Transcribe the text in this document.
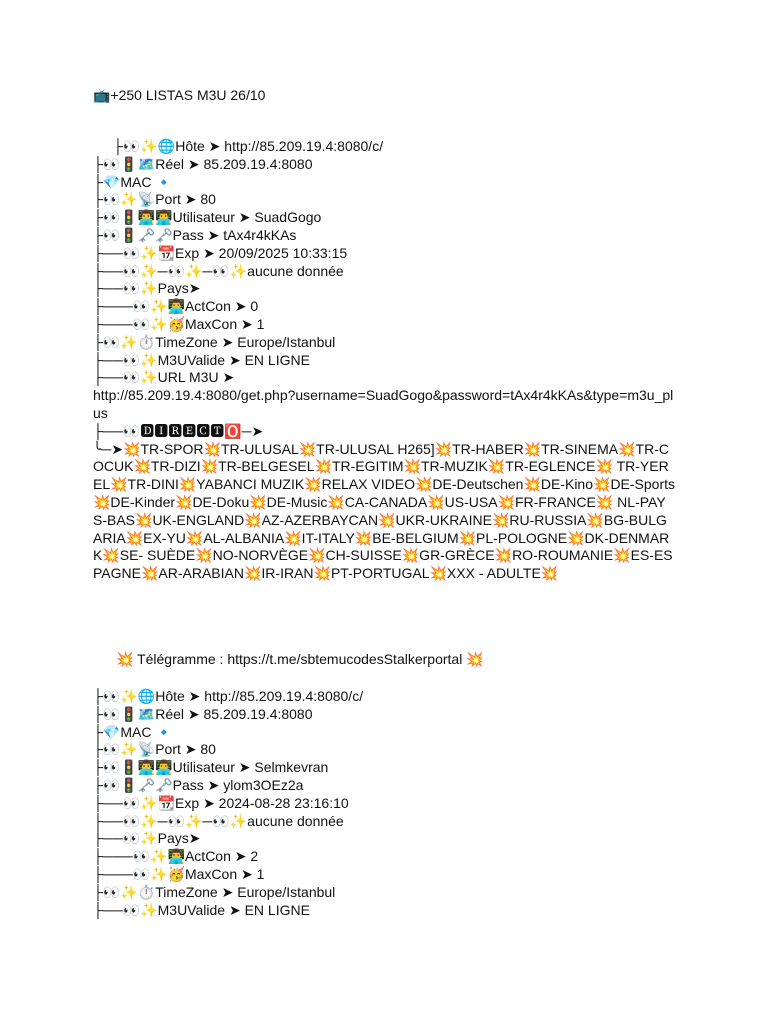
📺+250 LISTAS M3U 26/10
├👀✨🌐Hôte ➤ http://85.209.19.4:8080/c/
├👀🚦🗺️Réel ➤ 85.209.19.4:8080
├💎MAC 🔹
├👀✨📡Port ➤ 80
├👀🚦👨‍💻👨‍💻Utilisateur ➤ SuadGogo
├👀🚦🗝️🗝️Pass ➤ tAx4r4kKAs
├──👀✨📆Exp ➤ 20/09/2025 10:33:15
├──👀✨─👀✨─👀✨aucune donnée
├──👀✨Pays➤
├───👀✨👨‍💻ActCon ➤ 0
├───👀✨🥳MaxCon ➤ 1
├👀✨⏱️TimeZone ➤ Europe/Istanbul
├──👀✨M3UValide ➤ EN LIGNE
├──👀✨URL M3U ➤
http://85.209.19.4:8080/get.php?username=SuadGogo&password=tAx4r4kKAs&type=m3u_plus
├──👀🅳🅸🆁🅴🅲🆃🅾️─➤
╰─➤💥TR-SPOR💥TR-ULUSAL💥TR-ULUSAL H265]💥TR-HABER💥TR-SINEMA💥TR-COCUK💥TR-DIZI💥TR-BELGESEL💥TR-EGITIM💥TR-MUZIK💥TR-EGLENCE💥 TR-YEREL💥TR-DINI💥YABANCI MUZIK💥RELAX VIDEO💥DE-Deutschen💥DE-Kino💥DE-Sports💥DE-Kinder💥DE-Doku💥DE-Music💥CA-CANADA💥US-USA💥FR-FRANCE💥 NL-PAYS-BAS💥UK-ENGLAND💥AZ-AZERBAYCAN💥UKR-UKRAINE💥RU-RUSSIA💥BG-BULGARIA💥EX-YU💥AL-ALBANIA💥IT-ITALY💥BE-BELGIUM💥PL-POLOGNE💥DK-DENMARK💥SE- SUÈDE💥NO-NORVÈGE💥CH-SUISSE💥GR-GRÈCE💥RO-ROUMANIE💥ES-ESPAGNE💥AR-ARABIAN💥IR-IRAN💥PT-PORTUGAL💥XXX - ADULTE💥
💥 Télégramme : https://t.me/sbtemucodesStalkerportal 💥
├👀✨🌐Hôte ➤ http://85.209.19.4:8080/c/
├👀🚦🗺️Réel ➤ 85.209.19.4:8080
├💎MAC 🔹
├👀✨📡Port ➤ 80
├👀🚦👨‍💻👨‍💻Utilisateur ➤ Selmkevran
├👀🚦🗝️🗝️Pass ➤ ylom3OEz2a
├──👀✨📆Exp ➤ 2024-08-28 23:16:10
├──👀✨─👀✨─👀✨aucune donnée
├──👀✨Pays➤
├───👀✨👨‍💻ActCon ➤ 2
├───👀✨🥳MaxCon ➤ 1
├👀✨⏱️TimeZone ➤ Europe/Istanbul
├──👀✨M3UValide ➤ EN LIGNE
